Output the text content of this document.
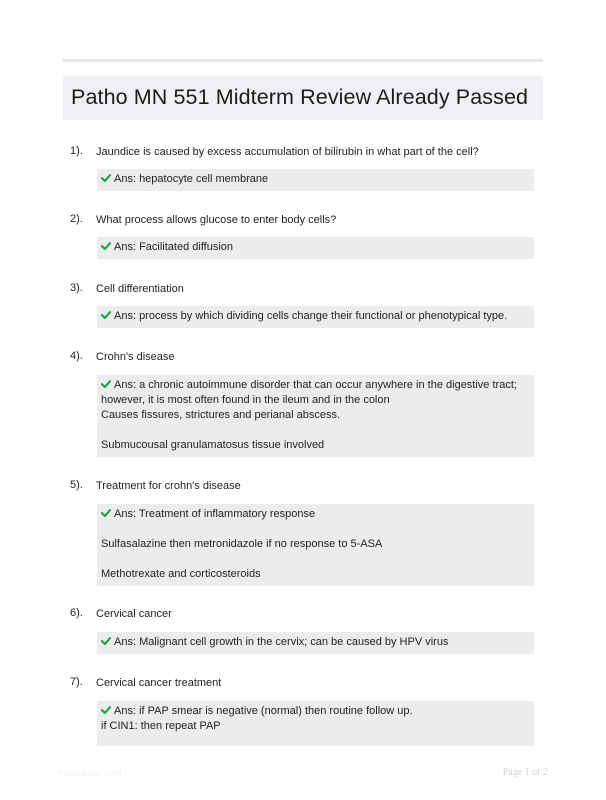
Patho MN 551 Midterm Review Already Passed
1). Jaundice is caused by excess accumulation of bilirubin in what part of the cell?
Ans: hepatocyte cell membrane
2). What process allows glucose to enter body cells?
Ans: Facilitated diffusion
3). Cell differentiation
Ans: process by which dividing cells change their functional or phenotypical type.
4). Crohn's disease
Ans: a chronic autoimmune disorder that can occur anywhere in the digestive tract;
however, it is most often found in the ileum and in the colon
Causes fissures, strictures and perianal abscess.
Submucousal granulamatosus tissue involved
5). Treatment for crohn's disease
Ans: Treatment of inflammatory response
Sulfasalazine then metronidazole if no response to 5-ASA
Methotrexate and corticosteroids
6). Cervical cancer
Ans: Malignant cell growth in the cervix; can be caused by HPV virus
7). Cervical cancer treatment
Ans: if PAP smear is negative (normal) then routine follow up.
if CIN1: then repeat PAP
PaperBible.com	Page 1 of 2
